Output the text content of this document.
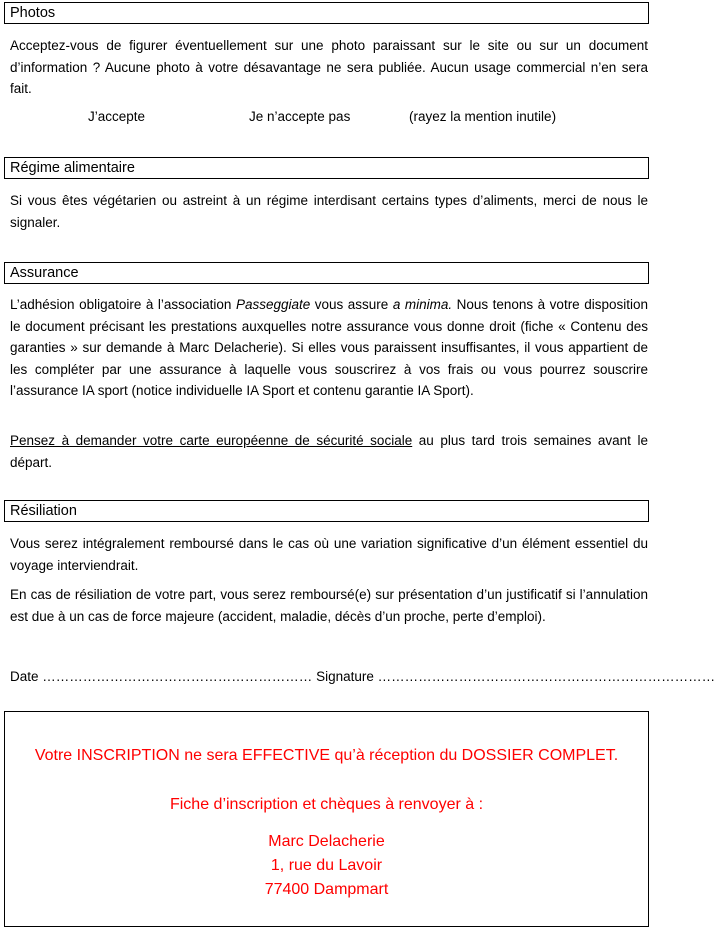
Photos

Acceptez-vous de figurer éventuellement sur une photo paraissant sur le site ou sur un document d’information ? Aucune photo à votre désavantage ne sera publiée. Aucun usage commercial n’en sera fait.

J’accepte	Je n’accepte pas	(rayez la mention inutile)
Régime alimentaire

Si vous êtes végétarien ou astreint à un régime interdisant certains types d’aliments, merci de nous le signaler.

Assurance

L’adhésion obligatoire à l’association Passeggiate vous assure a minima. Nous tenons à votre disposition le document précisant les prestations auxquelles notre assurance vous donne droit (fiche « Contenu des garanties » sur demande à Marc Delacherie). Si elles vous paraissent insuffisantes, il vous appartient de les compléter par une assurance à laquelle vous souscrirez à vos frais ou vous pourrez souscrire l’assurance IA sport (notice individuelle IA Sport et contenu garantie IA Sport).

Pensez à demander votre carte européenne de sécurité sociale au plus tard trois semaines avant le départ.

Résiliation

Vous serez intégralement remboursé dans le cas où une variation significative d’un élément essentiel du voyage interviendrait.

En cas de résiliation de votre part, vous serez remboursé(e) sur présentation d’un justificatif si l’annulation est due à un cas de force majeure (accident, maladie, décès d’un proche, perte d’emploi).

Date …………………………………………………… Signature …………………………………………………………………
Votre INSCRIPTION ne sera EFFECTIVE qu’à réception du DOSSIER COMPLET.
Fiche d’inscription et chèques à renvoyer à :
Marc Delacherie
1, rue du Lavoir
77400 Dampmart
